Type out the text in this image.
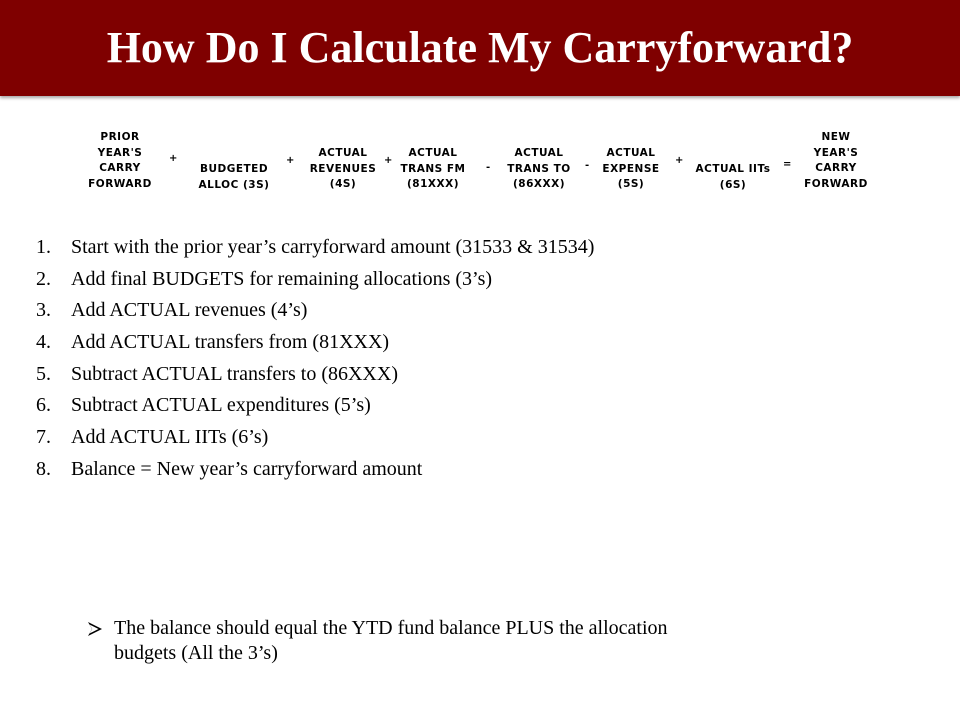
How Do I Calculate My Carryforward?
PRIOR
YEAR'S
CARRY
FORWARD
+
BUDGETED
ALLOC (3S)
+
ACTUAL
REVENUES
(4S)
+
ACTUAL
TRANS FM
(81XXX)
-
ACTUAL
TRANS TO
(86XXX)
-
ACTUAL
EXPENSE
(5S)
+
ACTUAL IITs
(6S)
=
NEW
YEAR'S
CARRY
FORWARD
1. Start with the prior year’s carryforward amount (31533 & 31534)
2. Add final BUDGETS for remaining allocations (3’s)
3. Add ACTUAL revenues (4’s)
4. Add ACTUAL transfers from (81XXX)
5. Subtract ACTUAL transfers to (86XXX)
6. Subtract ACTUAL expenditures (5’s)
7. Add ACTUAL IITs (6’s)
8. Balance = New year’s carryforward amount
The balance should equal the YTD fund balance PLUS the allocation
budgets (All the 3’s)
